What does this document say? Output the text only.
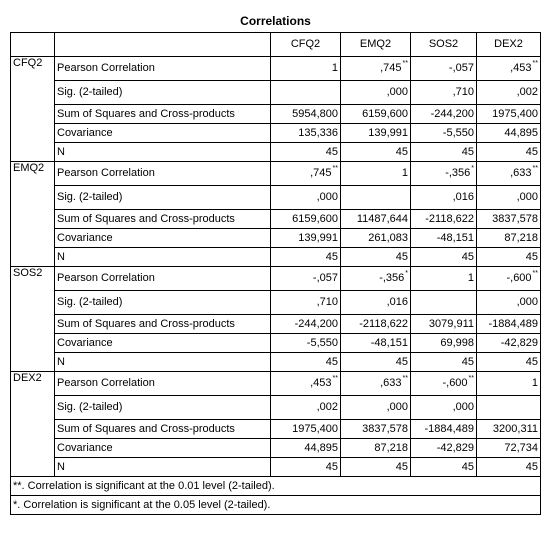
Correlations					
		CFQ2	EMQ2	SOS2	DEX2
CFQ2	Pearson Correlation	1	,745**	-,057	,453**
	Sig. (2-tailed)		,000	,710	,002
	Sum of Squares and Cross-products	5954,800	6159,600	-244,200	1975,400
	Covariance	135,336	139,991	-5,550	44,895
	N	45	45	45	45
EMQ2	Pearson Correlation	,745**	1	-,356*	,633**
	Sig. (2-tailed)	,000		,016	,000
	Sum of Squares and Cross-products	6159,600	11487,644	-2118,622	3837,578
	Covariance	139,991	261,083	-48,151	87,218
	N	45	45	45	45
SOS2	Pearson Correlation	-,057	-,356*	1	-,600**
	Sig. (2-tailed)	,710	,016		,000
	Sum of Squares and Cross-products	-244,200	-2118,622	3079,911	-1884,489
	Covariance	-5,550	-48,151	69,998	-42,829
	N	45	45	45	45
DEX2	Pearson Correlation	,453**	,633**	-,600**	1
	Sig. (2-tailed)	,002	,000	,000	
	Sum of Squares and Cross-products	1975,400	3837,578	-1884,489	3200,311
	Covariance	44,895	87,218	-42,829	72,734
	N	45	45	45	45
**. Correlation is significant at the 0.01 level (2-tailed).					
*. Correlation is significant at the 0.05 level (2-tailed).					
